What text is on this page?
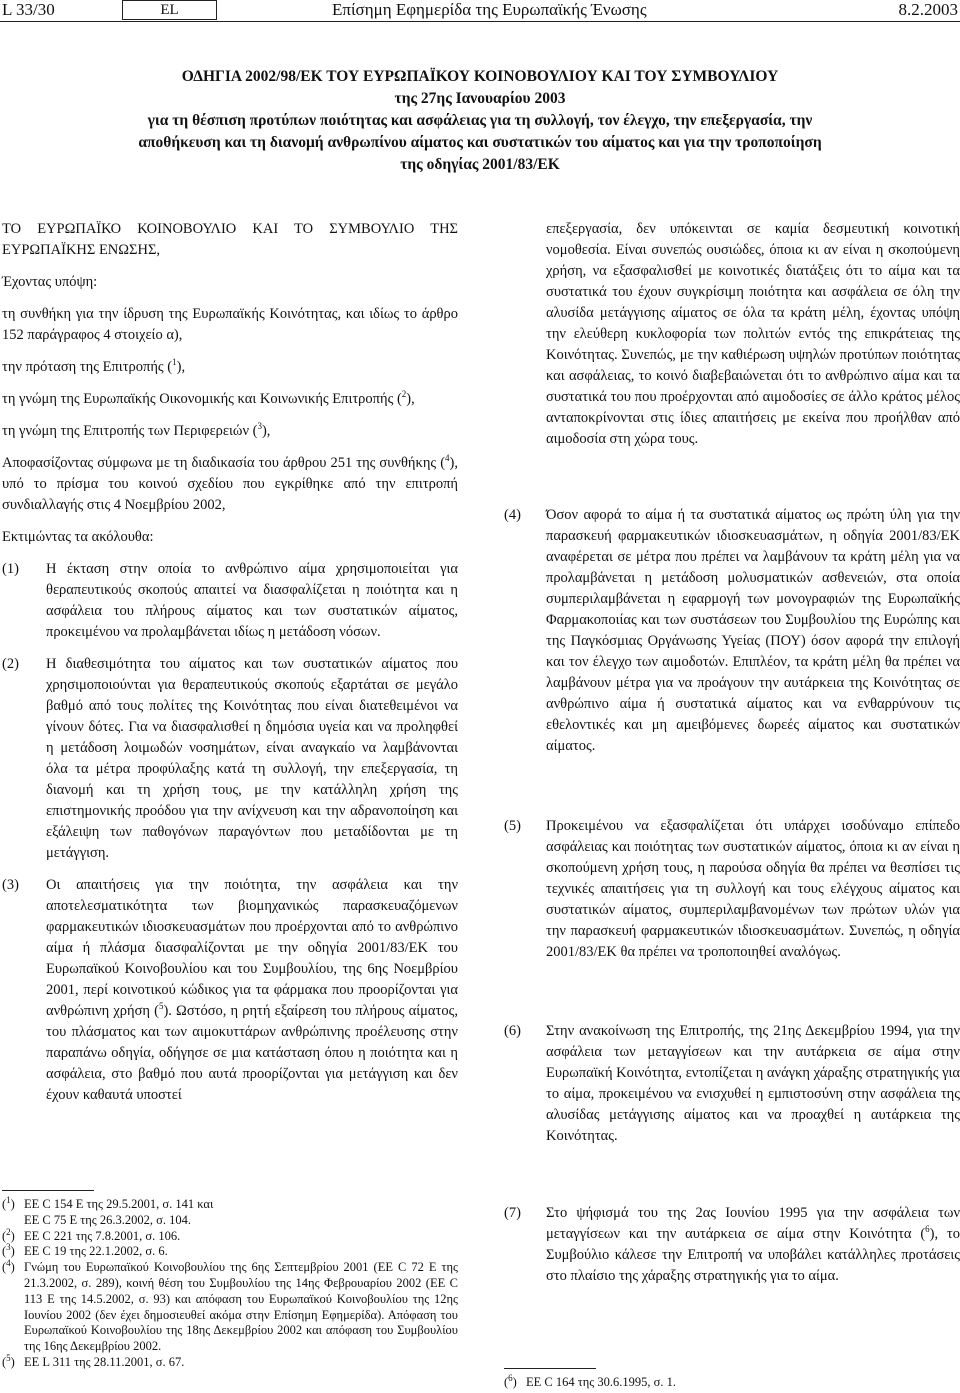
L 33/30	EL	Επίσημη Εφημερίδα της Ευρωπαϊκής Ένωσης	8.2.2003
ΟΔΗΓΙΑ 2002/98/ΕΚ ΤΟΥ ΕΥΡΩΠΑΪΚΟΥ ΚΟΙΝΟΒΟΥΛΙΟΥ ΚΑΙ ΤΟΥ ΣΥΜΒΟΥΛΙΟΥ
της 27ης Ιανουαρίου 2003
για τη θέσπιση προτύπων ποιότητας και ασφάλειας για τη συλλογή, τον έλεγχο, την επεξεργασία, την
αποθήκευση και τη διανομή ανθρωπίνου αίματος και συστατικών του αίματος και για την τροποποίηση
της οδηγίας 2001/83/ΕΚ

ΤΟ ΕΥΡΩΠΑΪΚΟ ΚΟΙΝΟΒΟΥΛΙΟ ΚΑΙ ΤΟ ΣΥΜΒΟΥΛΙΟ ΤΗΣ ΕΥΡΩΠΑΪΚΗΣ ΕΝΩΣΗΣ,

Έχοντας υπόψη:

τη συνθήκη για την ίδρυση της Ευρωπαϊκής Κοινότητας, και ιδίως το άρθρο 152 παράγραφος 4 στοιχείο α),

την πρόταση της Επιτροπής ($^1$),

τη γνώμη της Ευρωπαϊκής Οικονομικής και Κοινωνικής Επιτροπής ($^2$),

τη γνώμη της Επιτροπής των Περιφερειών ($^3$),

Αποφασίζοντας σύμφωνα με τη διαδικασία του άρθρου 251 της συνθήκης ($^4$), υπό το πρίσμα του κοινού σχεδίου που εγκρίθηκε από την επιτροπή συνδιαλλαγής στις 4 Νοεμβρίου 2002,

Εκτιμώντας τα ακόλουθα:

(1) Η έκταση στην οποία το ανθρώπινο αίμα χρησιμοποιείται για θεραπευτικούς σκοπούς απαιτεί να διασφαλίζεται η ποιότητα και η ασφάλεια του πλήρους αίματος και των συστατικών αίματος, προκειμένου να προλαμβάνεται ιδίως η μετάδοση νόσων.
(2) Η διαθεσιμότητα του αίματος και των συστατικών αίματος που χρησιμοποιούνται για θεραπευτικούς σκοπούς εξαρτάται σε μεγάλο βαθμό από τους πολίτες της Κοινότητας που είναι διατεθειμένοι να γίνουν δότες. Για να διασφαλισθεί η δημόσια υγεία και να προληφθεί η μετάδοση λοιμωδών νοσημάτων, είναι αναγκαίο να λαμβάνονται όλα τα μέτρα προφύλαξης κατά τη συλλογή, την επεξεργασία, τη διανομή και τη χρήση τους, με την κατάλληλη χρήση της επιστημονικής προόδου για την ανίχνευση και την αδρανοποίηση και εξάλειψη των παθογόνων παραγόντων που μεταδίδονται με τη μετάγγιση.
(3) Οι απαιτήσεις για την ποιότητα, την ασφάλεια και την αποτελεσματικότητα των βιομηχανικώς παρασκευαζόμενων φαρμακευτικών ιδιοσκευασμάτων που προέρχονται από το ανθρώπινο αίμα ή πλάσμα διασφαλίζονται με την οδηγία 2001/83/ΕΚ του Ευρωπαϊκού Κοινοβουλίου και του Συμβουλίου, της 6ης Νοεμβρίου 2001, περί κοινοτικού κώδικος για τα φάρμακα που προορίζονται για ανθρώπινη χρήση ($^5$). Ωστόσο, η ρητή εξαίρεση του πλήρους αίματος, του πλάσματος και των αιμοκυττάρων ανθρώπινης προέλευσης στην παραπάνω οδηγία, οδήγησε σε μια κατάσταση όπου η ποιότητα και η ασφάλεια, στο βαθμό που αυτά προορίζονται για μετάγγιση και δεν έχουν καθαυτά υποστεί
($^1$) ΕΕ C 154 Ε της 29.5.2001, σ. 141 και
ΕΕ C 75 Ε της 26.3.2002, σ. 104.
($^2$) ΕΕ C 221 της 7.8.2001, σ. 106.
($^3$) ΕΕ C 19 της 22.1.2002, σ. 6.
($^4$) Γνώμη του Ευρωπαϊκού Κοινοβουλίου της 6ης Σεπτεμβρίου 2001 (ΕΕ C 72 Ε της 21.3.2002, σ. 289), κοινή θέση του Συμβουλίου της 14ης Φεβρουαρίου 2002 (ΕΕ C 113 Ε της 14.5.2002, σ. 93) και απόφαση του Ευρωπαϊκού Κοινοβουλίου της 12ης Ιουνίου 2002 (δεν έχει δημοσιευθεί ακόμα στην Επίσημη Εφημερίδα). Απόφαση του Ευρωπαϊκού Κοινοβουλίου της 18ης Δεκεμβρίου 2002 και απόφαση του Συμβουλίου της 16ης Δεκεμβρίου 2002.
($^5$) ΕΕ L 311 της 28.11.2001, σ. 67.

επεξεργασία, δεν υπόκεινται σε καμία δεσμευτική κοινοτική νομοθεσία. Είναι συνεπώς ουσιώδες, όποια κι αν είναι η σκοπούμενη χρήση, να εξασφαλισθεί με κοινοτικές διατάξεις ότι το αίμα και τα συστατικά του έχουν συγκρίσιμη ποιότητα και ασφάλεια σε όλη την αλυσίδα μετάγγισης αίματος σε όλα τα κράτη μέλη, έχοντας υπόψη την ελεύθερη κυκλοφορία των πολιτών εντός της επικράτειας της Κοινότητας. Συνεπώς, με την καθιέρωση υψηλών προτύπων ποιότητας και ασφάλειας, το κοινό διαβεβαιώνεται ότι το ανθρώπινο αίμα και τα συστατικά του που προέρχονται από αιμοδοσίες σε άλλο κράτος μέλος ανταποκρίνονται στις ίδιες απαιτήσεις με εκείνα που προήλθαν από αιμοδοσία στη χώρα τους.

(4) Όσον αφορά το αίμα ή τα συστατικά αίματος ως πρώτη ύλη για την παρασκευή φαρμακευτικών ιδιοσκευασμάτων, η οδηγία 2001/83/ΕΚ αναφέρεται σε μέτρα που πρέπει να λαμβάνουν τα κράτη μέλη για να προλαμβάνεται η μετάδοση μολυσματικών ασθενειών, στα οποία συμπεριλαμβάνεται η εφαρμογή των μονογραφιών της Ευρωπαϊκής Φαρμακοποιίας και των συστάσεων του Συμβουλίου της Ευρώπης και της Παγκόσμιας Οργάνωσης Υγείας (ΠΟΥ) όσον αφορά την επιλογή και τον έλεγχο των αιμοδοτών. Επιπλέον, τα κράτη μέλη θα πρέπει να λαμβάνουν μέτρα για να προάγουν την αυτάρκεια της Κοινότητας σε ανθρώπινο αίμα ή συστατικά αίματος και να ενθαρρύνουν τις εθελοντικές και μη αμειβόμενες δωρεές αίματος και συστατικών αίματος.
(5) Προκειμένου να εξασφαλίζεται ότι υπάρχει ισοδύναμο επίπεδο ασφάλειας και ποιότητας των συστατικών αίματος, όποια κι αν είναι η σκοπούμενη χρήση τους, η παρούσα οδηγία θα πρέπει να θεσπίσει τις τεχνικές απαιτήσεις για τη συλλογή και τους ελέγχους αίματος και συστατικών αίματος, συμπεριλαμβανομένων των πρώτων υλών για την παρασκευή φαρμακευτικών ιδιοσκευασμάτων. Συνεπώς, η οδηγία 2001/83/ΕΚ θα πρέπει να τροποποιηθεί αναλόγως.
(6) Στην ανακοίνωση της Επιτροπής, της 21ης Δεκεμβρίου 1994, για την ασφάλεια των μεταγγίσεων και την αυτάρκεια σε αίμα στην Ευρωπαϊκή Κοινότητα, εντοπίζεται η ανάγκη χάραξης στρατηγικής για το αίμα, προκειμένου να ενισχυθεί η εμπιστοσύνη στην ασφάλεια της αλυσίδας μετάγγισης αίματος και να προαχθεί η αυτάρκεια της Κοινότητας.
(7) Στο ψήφισμά του της 2ας Ιουνίου 1995 για την ασφάλεια των μεταγγίσεων και την αυτάρκεια σε αίμα στην Κοινότητα ($^6$), το Συμβούλιο κάλεσε την Επιτροπή να υποβάλει κατάλληλες προτάσεις στο πλαίσιο της χάραξης στρατηγικής για το αίμα.
($^6$) ΕΕ C 164 της 30.6.1995, σ. 1.
